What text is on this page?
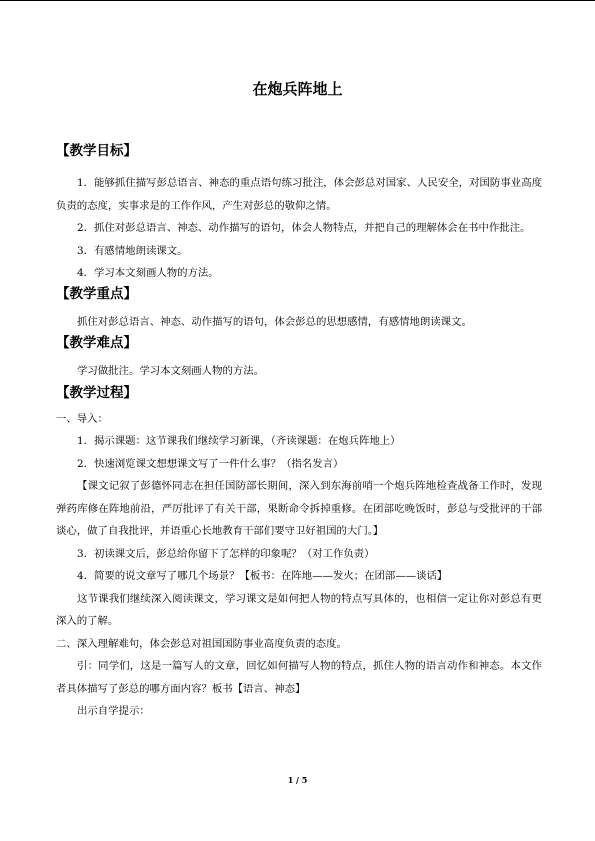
在炮兵阵地上
【教学目标】

1．能够抓住描写彭总语言、神态的重点语句练习批注，体会彭总对国家、人民安全，对国防事业高度负责的态度，实事求是的工作作风，产生对彭总的敬仰之情。

2．抓住对彭总语言、神态、动作描写的语句，体会人物特点，并把自己的理解体会在书中作批注。

3．有感情地朗读课文。

4．学习本文刻画人物的方法。

【教学重点】

抓住对彭总语言、神态、动作描写的语句，体会彭总的思想感情，有感情地朗读课文。

【教学难点】

学习做批注。学习本文刻画人物的方法。

【教学过程】

一、导入：

1．揭示课题：这节课我们继续学习新课，（齐读课题：在炮兵阵地上）

2．快速浏览课文想想课文写了一件什么事？（指名发言）

【课文记叙了彭德怀同志在担任国防部长期间，深入到东海前哨一个炮兵阵地检查战备工作时，发现弹药库修在阵地前沿，严厉批评了有关干部，果断命令拆掉重修。在团部吃晚饭时，彭总与受批评的干部谈心，做了自我批评，并语重心长地教育干部们要守卫好祖国的大门。】

3．初读课文后，彭总给你留下了怎样的印象呢？（对工作负责）

4．简要的说文章写了哪几个场景？【板书：在阵地——发火；在团部——谈话】

这节课我们继续深入阅读课文，学习课文是如何把人物的特点写具体的，也相信一定让你对彭总有更深入的了解。

二、深入理解难句，体会彭总对祖国国防事业高度负责的态度。

引：同学们，这是一篇写人的文章，回忆如何描写人物的特点，抓住人物的语言动作和神态。本文作者具体描写了彭总的哪方面内容？板书【语言、神态】

出示自学提示：

1 / 5
